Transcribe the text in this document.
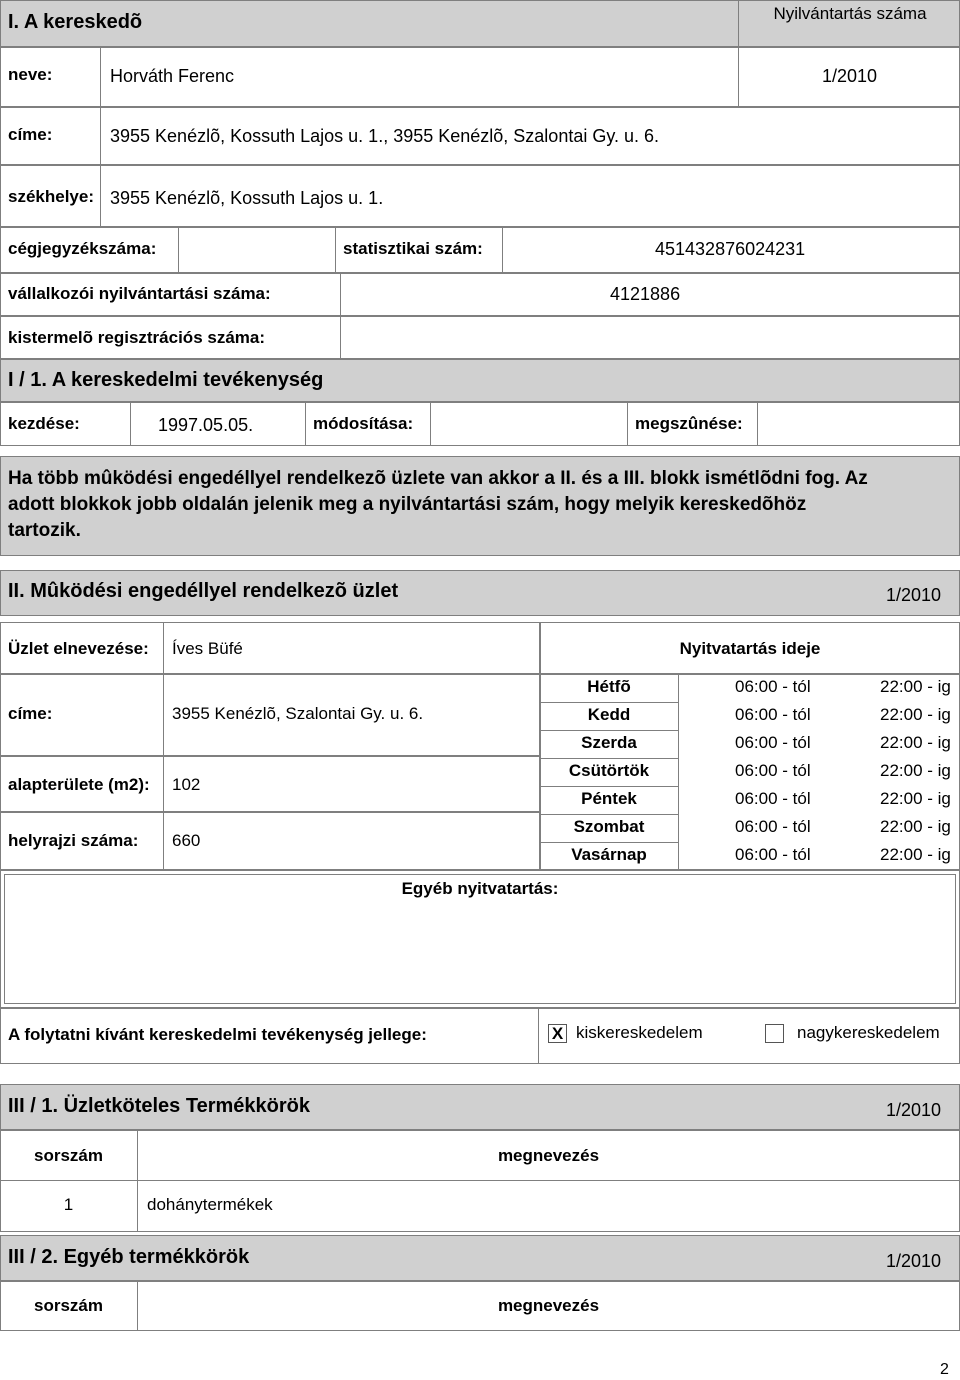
I. A kereskedõ	Nyilvántartás száma
neve:	Horváth Ferenc	1/2010
címe:	3955 Kenézlõ, Kossuth Lajos u. 1., 3955 Kenézlõ, Szalontai Gy. u. 6.
székhelye: 3955 Kenézlõ, Kossuth Lajos u. 1.
cégjegyzékszáma:	statisztikai szám:	451432876024231
vállalkozói nyilvántartási száma:	4121886
kistermelõ regisztrációs száma:
I / 1. A kereskedelmi tevékenység
kezdése:	1997.05.05.	módosítása:	megszûnése:
Ha több mûködési engedéllyel rendelkezõ üzlete van akkor a II. és a III. blokk ismétlõdni fog. Az adott blokkok jobb oldalán jelenik meg a nyilvántartási szám, hogy melyik kereskedõhöz tartozik.
II. Mûködési engedéllyel rendelkezõ üzlet	1/2010
Üzlet elnevezése: Íves Büfé
címe:	3955 Kenézlõ, Szalontai Gy. u. 6.
alapterülete (m2): 102
helyrajzi száma: 660
Nyitvatartás ideje
Hétfõ	06:00 - tól	22:00 - ig
Kedd	06:00 - tól	22:00 - ig
Szerda	06:00 - tól	22:00 - ig
Csütörtök	06:00 - tól	22:00 - ig
Péntek	06:00 - tól	22:00 - ig
Szombat	06:00 - tól	22:00 - ig
Vasárnap	06:00 - tól	22:00 - ig
Egyéb nyitvatartás:
A folytatni kívánt kereskedelmi tevékenység jellege:	X kiskereskedelem	nagykereskedelem
III / 1. Üzletköteles Termékkörök	1/2010
sorszám	megnevezés
1	dohánytermékek
III / 2. Egyéb termékkörök	1/2010
sorszám	megnevezés
2
